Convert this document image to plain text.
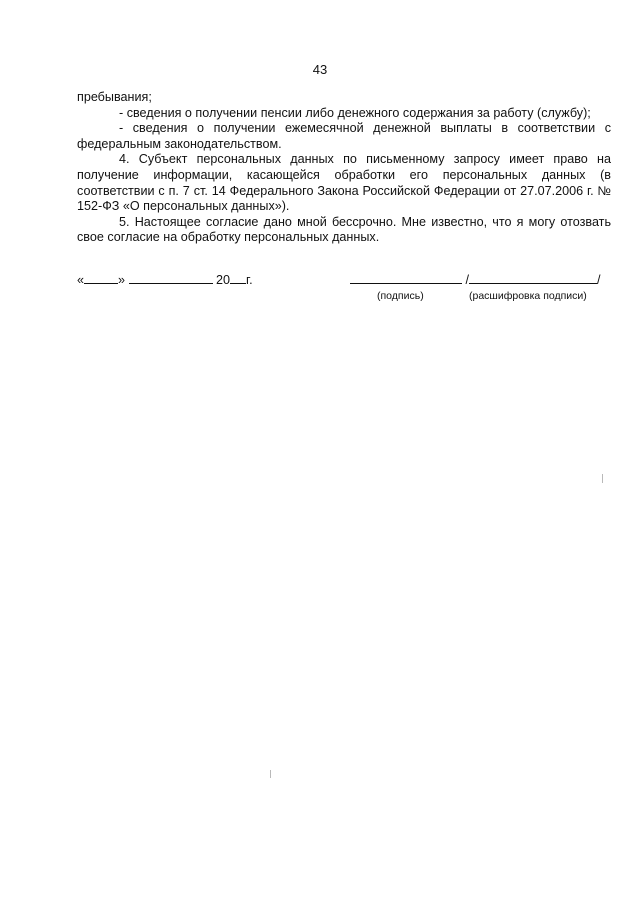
43

пребывания;

- сведения о получении пенсии либо денежного содержания за работу (службу);

- сведения о получении ежемесячной денежной выплаты в соответствии с федеральным законодательством.

4. Субъект персональных данных по письменному запросу имеет право на получение информации, касающейся обработки его персональных данных (в соответствии с п. 7 ст. 14 Федерального Закона Российской Федерации от 27.07.2006 г. № 152-ФЗ «О персональных данных»).

5. Настоящее согласие дано мной бессрочно. Мне известно, что я могу отозвать свое согласие на обработку персональных данных.

«	»	20 г.	/	/
(подпись)	(расшифровка подписи)
